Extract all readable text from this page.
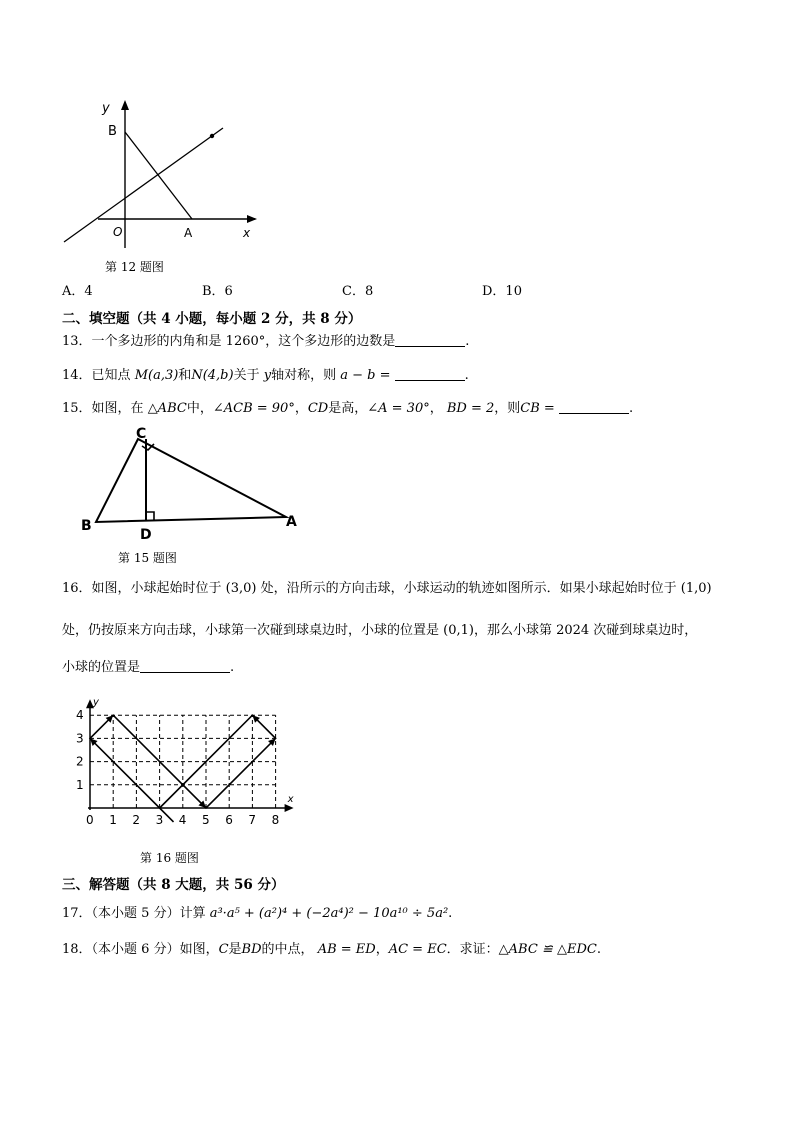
y
B
O	A	x
第 12 题图
A．4	B．6	C．8	D．10
二、填空题（共 4 小题，每小题 2 分，共 8 分）
13．一个多边形的内角和是 1260°，这个多边形的边数是	.
14．已知点 M(a,3)和N(4,b)关于 y轴对称，则 a − b =	.
15．如图，在 △ABC中，∠ACB = 90°，CD是高，∠A = 30°， BD = 2，则CB =	.
C
B
D
A
第 15 题图
16．如图，小球起始时位于 (3,0) 处，沿所示的方向击球，小球运动的轨迹如图所示．如果小球起始时位于 (1,0)
处，仍按原来方向击球，小球第一次碰到球桌边时，小球的位置是 (0,1)，那么小球第 2024 次碰到球桌边时，
小球的位置是	.
0 1 2 3 4 5 6 7 8
1
2
3
4
x
y
第 16 题图
三、解答题（共 8 大题，共 56 分）
17．（本小题 5 分）计算 a³·a⁵ + (a²)⁴ + (−2a⁴)² − 10a¹⁰ ÷ 5a².
18．（本小题 6 分）如图，C是BD的中点， AB = ED，AC = EC．求证：△ABC ≌ △EDC.
